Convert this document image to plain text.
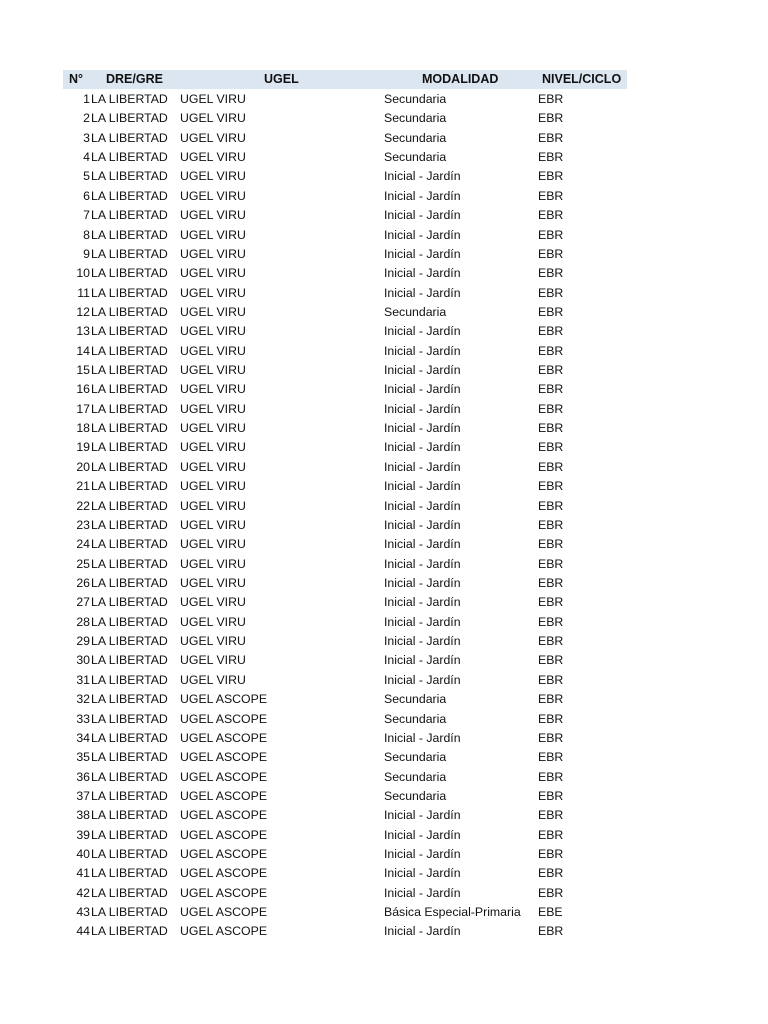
N° DRE/GRE	UGEL	MODALIDAD	NIVEL/CICLO
1 LA LIBERTAD UGEL VIRU	Secundaria	EBR
2 LA LIBERTAD UGEL VIRU	Secundaria	EBR
3 LA LIBERTAD UGEL VIRU	Secundaria	EBR
4 LA LIBERTAD UGEL VIRU	Secundaria	EBR
5 LA LIBERTAD UGEL VIRU	Inicial - Jardín	EBR
6 LA LIBERTAD UGEL VIRU	Inicial - Jardín	EBR
7 LA LIBERTAD UGEL VIRU	Inicial - Jardín	EBR
8 LA LIBERTAD UGEL VIRU	Inicial - Jardín	EBR
9 LA LIBERTAD UGEL VIRU	Inicial - Jardín	EBR
10 LA LIBERTAD UGEL VIRU	Inicial - Jardín	EBR
11 LA LIBERTAD UGEL VIRU	Inicial - Jardín	EBR
12 LA LIBERTAD UGEL VIRU	Secundaria	EBR
13 LA LIBERTAD UGEL VIRU	Inicial - Jardín	EBR
14 LA LIBERTAD UGEL VIRU	Inicial - Jardín	EBR
15 LA LIBERTAD UGEL VIRU	Inicial - Jardín	EBR
16 LA LIBERTAD UGEL VIRU	Inicial - Jardín	EBR
17 LA LIBERTAD UGEL VIRU	Inicial - Jardín	EBR
18 LA LIBERTAD UGEL VIRU	Inicial - Jardín	EBR
19 LA LIBERTAD UGEL VIRU	Inicial - Jardín	EBR
20 LA LIBERTAD UGEL VIRU	Inicial - Jardín	EBR
21 LA LIBERTAD UGEL VIRU	Inicial - Jardín	EBR
22 LA LIBERTAD UGEL VIRU	Inicial - Jardín	EBR
23 LA LIBERTAD UGEL VIRU	Inicial - Jardín	EBR
24 LA LIBERTAD UGEL VIRU	Inicial - Jardín	EBR
25 LA LIBERTAD UGEL VIRU	Inicial - Jardín	EBR
26 LA LIBERTAD UGEL VIRU	Inicial - Jardín	EBR
27 LA LIBERTAD UGEL VIRU	Inicial - Jardín	EBR
28 LA LIBERTAD UGEL VIRU	Inicial - Jardín	EBR
29 LA LIBERTAD UGEL VIRU	Inicial - Jardín	EBR
30 LA LIBERTAD UGEL VIRU	Inicial - Jardín	EBR
31 LA LIBERTAD UGEL VIRU	Inicial - Jardín	EBR
32 LA LIBERTAD UGEL ASCOPE	Secundaria	EBR
33 LA LIBERTAD UGEL ASCOPE	Secundaria	EBR
34 LA LIBERTAD UGEL ASCOPE	Inicial - Jardín	EBR
35 LA LIBERTAD UGEL ASCOPE	Secundaria	EBR
36 LA LIBERTAD UGEL ASCOPE	Secundaria	EBR
37 LA LIBERTAD UGEL ASCOPE	Secundaria	EBR
38 LA LIBERTAD UGEL ASCOPE	Inicial - Jardín	EBR
39 LA LIBERTAD UGEL ASCOPE	Inicial - Jardín	EBR
40 LA LIBERTAD UGEL ASCOPE	Inicial - Jardín	EBR
41 LA LIBERTAD UGEL ASCOPE	Inicial - Jardín	EBR
42 LA LIBERTAD UGEL ASCOPE	Inicial - Jardín	EBR
43 LA LIBERTAD UGEL ASCOPE	Básica Especial-Primaria EBE
44 LA LIBERTAD UGEL ASCOPE	Inicial - Jardín	EBR
